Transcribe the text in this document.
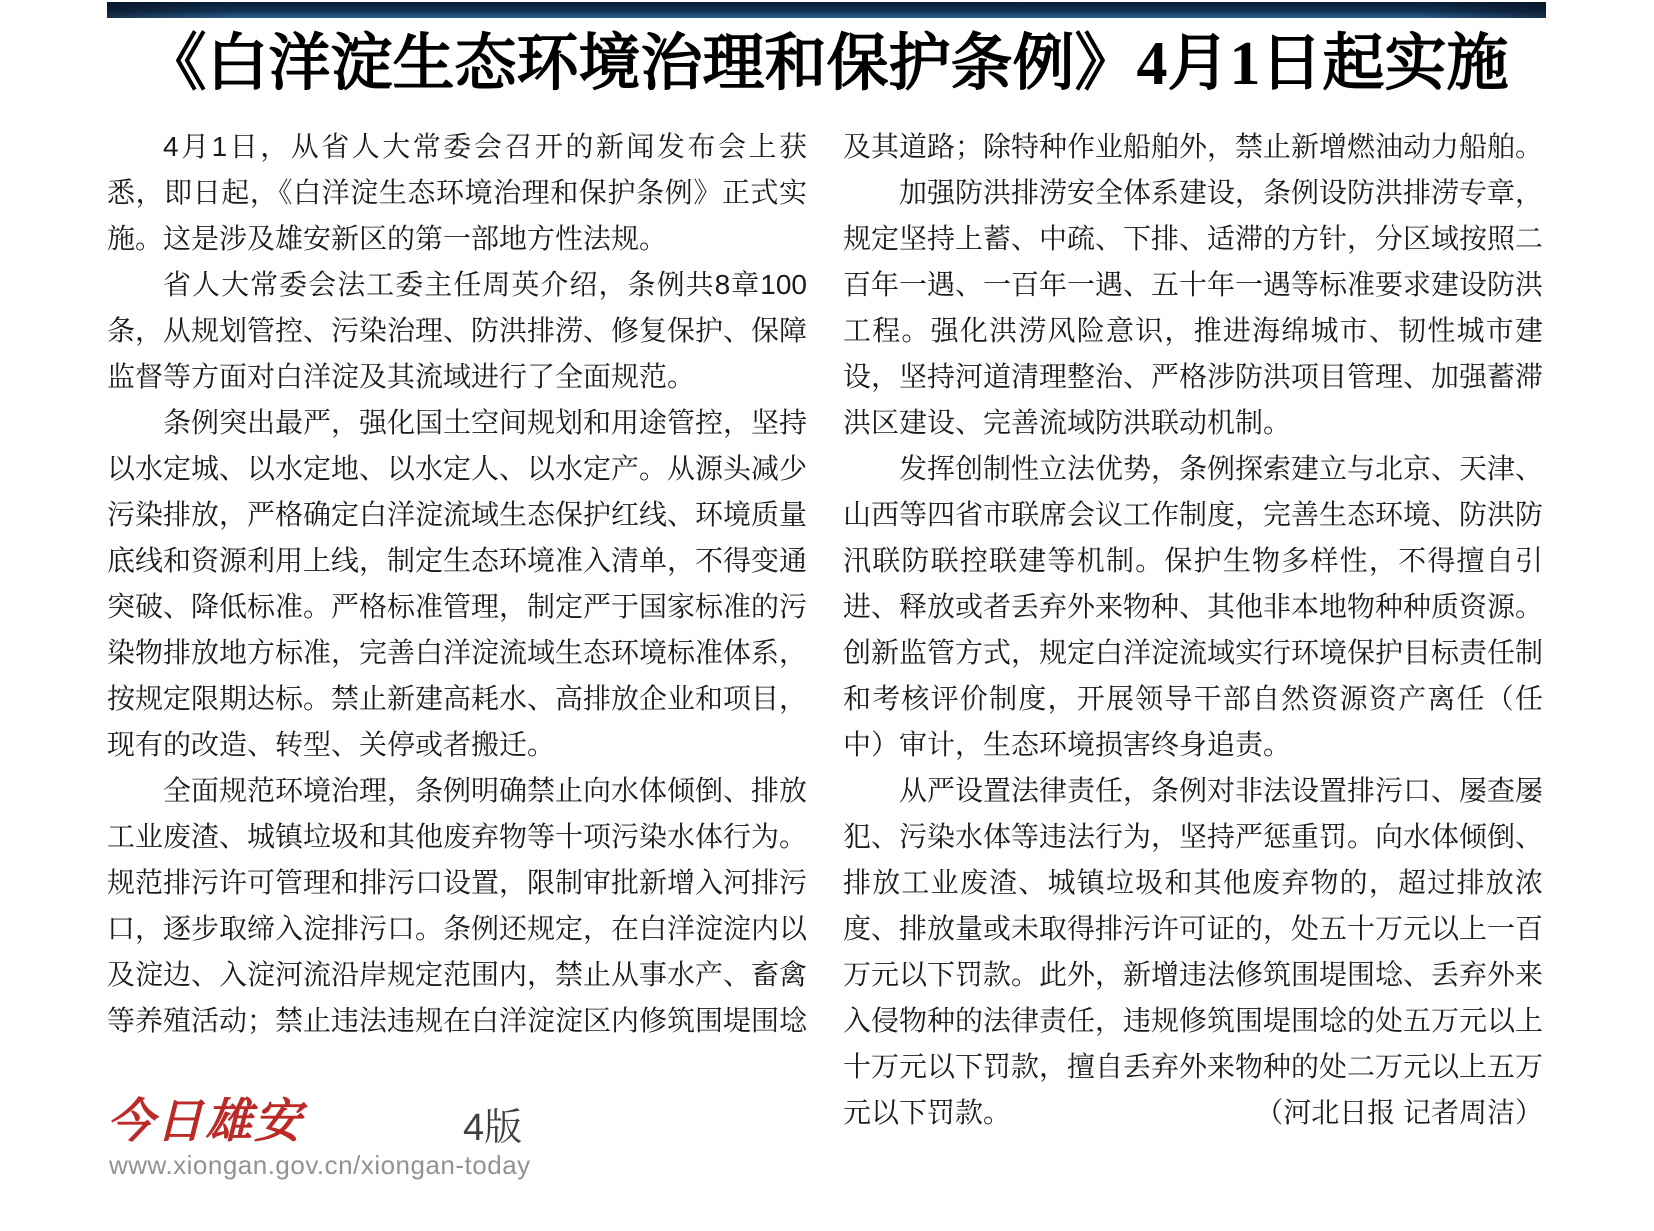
《白洋淀生态环境治理和保护条例》4月1日起实施

4月1日，从省人大常委会召开的新闻发布会上获悉，即日起，《白洋淀生态环境治理和保护条例》正式实施。这是涉及雄安新区的第一部地方性法规。

省人大常委会法工委主任周英介绍，条例共8章100条，从规划管控、污染治理、防洪排涝、修复保护、保障监督等方面对白洋淀及其流域进行了全面规范。

条例突出最严，强化国土空间规划和用途管控，坚持以水定城、以水定地、以水定人、以水定产。从源头减少污染排放，严格确定白洋淀流域生态保护红线、环境质量底线和资源利用上线，制定生态环境准入清单，不得变通突破、降低标准。严格标准管理，制定严于国家标准的污染物排放地方标准，完善白洋淀流域生态环境标准体系，按规定限期达标。禁止新建高耗水、高排放企业和项目，现有的改造、转型、关停或者搬迁。

全面规范环境治理，条例明确禁止向水体倾倒、排放工业废渣、城镇垃圾和其他废弃物等十项污染水体行为。规范排污许可管理和排污口设置，限制审批新增入河排污口，逐步取缔入淀排污口。条例还规定，在白洋淀淀内以及淀边、入淀河流沿岸规定范围内，禁止从事水产、畜禽等养殖活动；禁止违法违规在白洋淀淀区内修筑围堤围埝

及其道路；除特种作业船舶外，禁止新增燃油动力船舶。

加强防洪排涝安全体系建设，条例设防洪排涝专章，规定坚持上蓄、中疏、下排、适滞的方针，分区域按照二百年一遇、一百年一遇、五十年一遇等标准要求建设防洪工程。强化洪涝风险意识，推进海绵城市、韧性城市建设，坚持河道清理整治、严格涉防洪项目管理、加强蓄滞洪区建设、完善流域防洪联动机制。

发挥创制性立法优势，条例探索建立与北京、天津、山西等四省市联席会议工作制度，完善生态环境、防洪防汛联防联控联建等机制。保护生物多样性，不得擅自引进、释放或者丢弃外来物种、其他非本地物种种质资源。创新监管方式，规定白洋淀流域实行环境保护目标责任制和考核评价制度，开展领导干部自然资源资产离任（任中）审计，生态环境损害终身追责。

从严设置法律责任，条例对非法设置排污口、屡查屡犯、污染水体等违法行为，坚持严惩重罚。向水体倾倒、排放工业废渣、城镇垃圾和其他废弃物的，超过排放浓度、排放量或未取得排污许可证的，处五十万元以上一百万元以下罚款。此外，新增违法修筑围堤围埝、丢弃外来入侵物种的法律责任，违规修筑围堤围埝的处五万元以上十万元以下罚款，擅自丢弃外来物种的处二万元以上五万元以下罚款。	（河北日报 记者周洁）

今日雄安	4版
www.xiongan.gov.cn/xiongan-today
